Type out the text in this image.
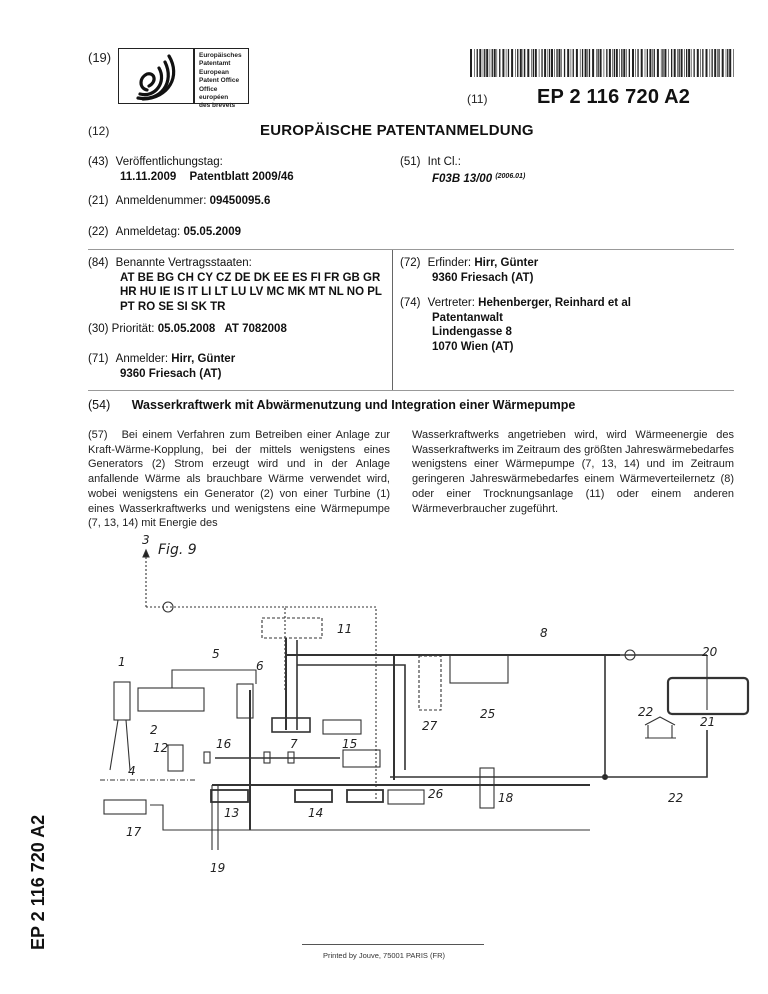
(19)	Europäisches
Patentamt
European
Patent Office
Office européen
des brevets	(11) EP 2 116 720 A2
(12)	EUROPÄISCHE PATENTANMELDUNG
(43) Veröffentlichungstag:
11.11.2009 Patentblatt 2009/46
(51) Int Cl.:
F03B 13/00 $^{(2006.01)}$
(21) Anmeldenummer: 09450095.6
(22) Anmeldetag: 05.05.2009
(84) Benannte Vertragsstaaten:
AT BE BG CH CY CZ DE DK EE ES FI FR GB GR
HR HU IE IS IT LI LT LU LV MC MK MT NL NO PL
PT RO SE SI SK TR
(30) Priorität: 05.05.2008   AT 7082008
(71) Anmelder: Hirr, Günter
9360 Friesach (AT)
(72) Erfinder: Hirr, Günter
9360 Friesach (AT)
(74) Vertreter: Hehenberger, Reinhard et al
Patentanwalt
Lindengasse 8
1070 Wien (AT)
(54) Wasserkraftwerk mit Abwärmenutzung und Integration einer Wärmepumpe
(57) Bei einem Verfahren zum Betreiben einer Anlage zur Kraft-Wärme-Kopplung, bei der mittels wenigstens eines Generators (2) Strom erzeugt wird und in der Anlage anfallende Wärme als brauchbare Wärme verwendet wird, wobei wenigstens ein Generator (2) von einer Turbine (1) eines Wasserkraftwerks und wenigstens eine Wärmepumpe (7, 13, 14) mit Energie des
Wasserkraftwerks angetrieben wird, wird Wärmeenergie des Wasserkraftwerks im Zeitraum des größten Jahreswärmebedarfes wenigstens einer Wärmepumpe (7, 13, 14) und im Zeitraum geringeren Jahreswärmebedarfes einem Wärmeverteilernetz (8) oder einer Trocknungsanlage (11) oder einem anderen Wärmeverbraucher zugeführt.
Fig. 9
1
2
3
4
5
6
7
8
11
12
13	14
15
16
17
18
19
20
21
22
22
25
26
27
EP 2 116 720 A2
Printed by Jouve, 75001 PARIS (FR)
